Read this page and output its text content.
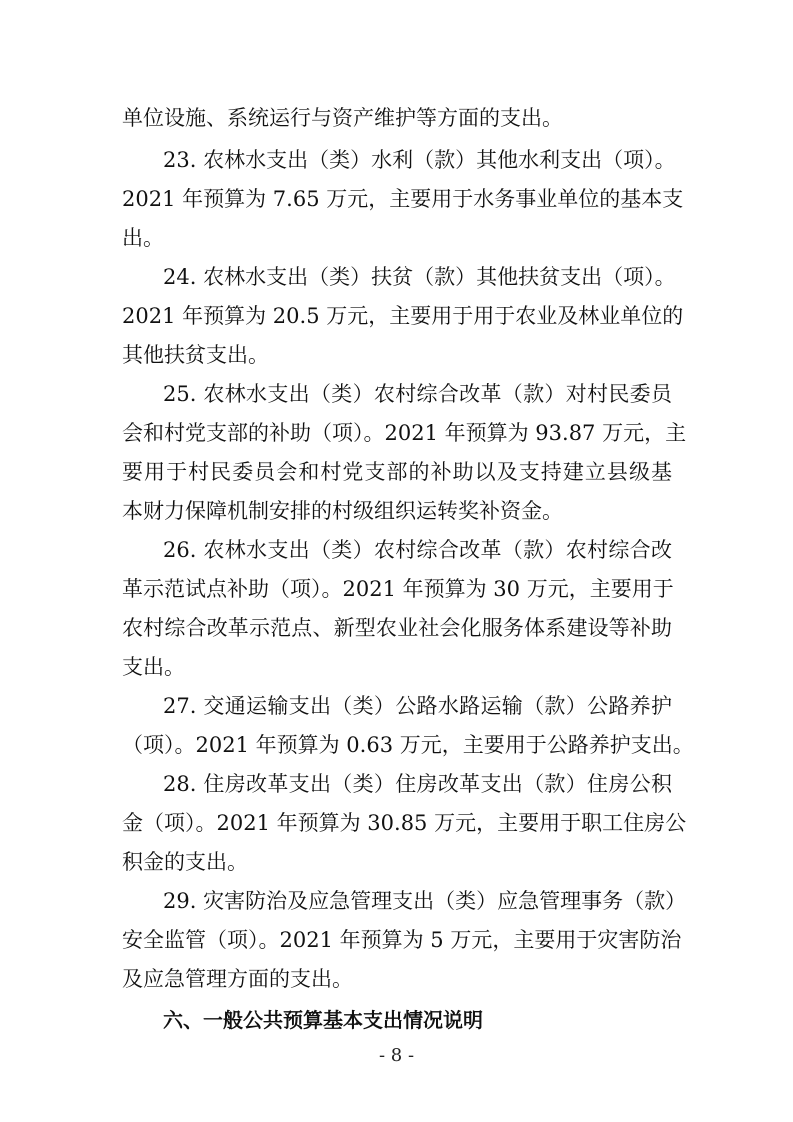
单位设施、系统运行与资产维护等方面的支出。
23. 农林水支出（类）水利（款）其他水利支出（项）。
2021 年预算为 7.65 万元，主要用于水务事业单位的基本支
出。
24. 农林水支出（类）扶贫（款）其他扶贫支出（项）。
2021 年预算为 20.5 万元，主要用于用于农业及林业单位的
其他扶贫支出。
25. 农林水支出（类）农村综合改革（款）对村民委员
会和村党支部的补助（项）。2021 年预算为 93.87 万元，主
要用于村民委员会和村党支部的补助以及支持建立县级基
本财力保障机制安排的村级组织运转奖补资金。
26. 农林水支出（类）农村综合改革（款）农村综合改
革示范试点补助（项）。2021 年预算为 30 万元，主要用于
农村综合改革示范点、新型农业社会化服务体系建设等补助
支出。
27. 交通运输支出（类）公路水路运输（款）公路养护
（项）。2021 年预算为 0.63 万元，主要用于公路养护支出。
28. 住房改革支出（类）住房改革支出（款）住房公积
金（项）。2021 年预算为 30.85 万元，主要用于职工住房公
积金的支出。
29. 灾害防治及应急管理支出（类）应急管理事务（款）
安全监管（项）。2021 年预算为 5 万元，主要用于灾害防治
及应急管理方面的支出。
六、一般公共预算基本支出情况说明
- 8 -
